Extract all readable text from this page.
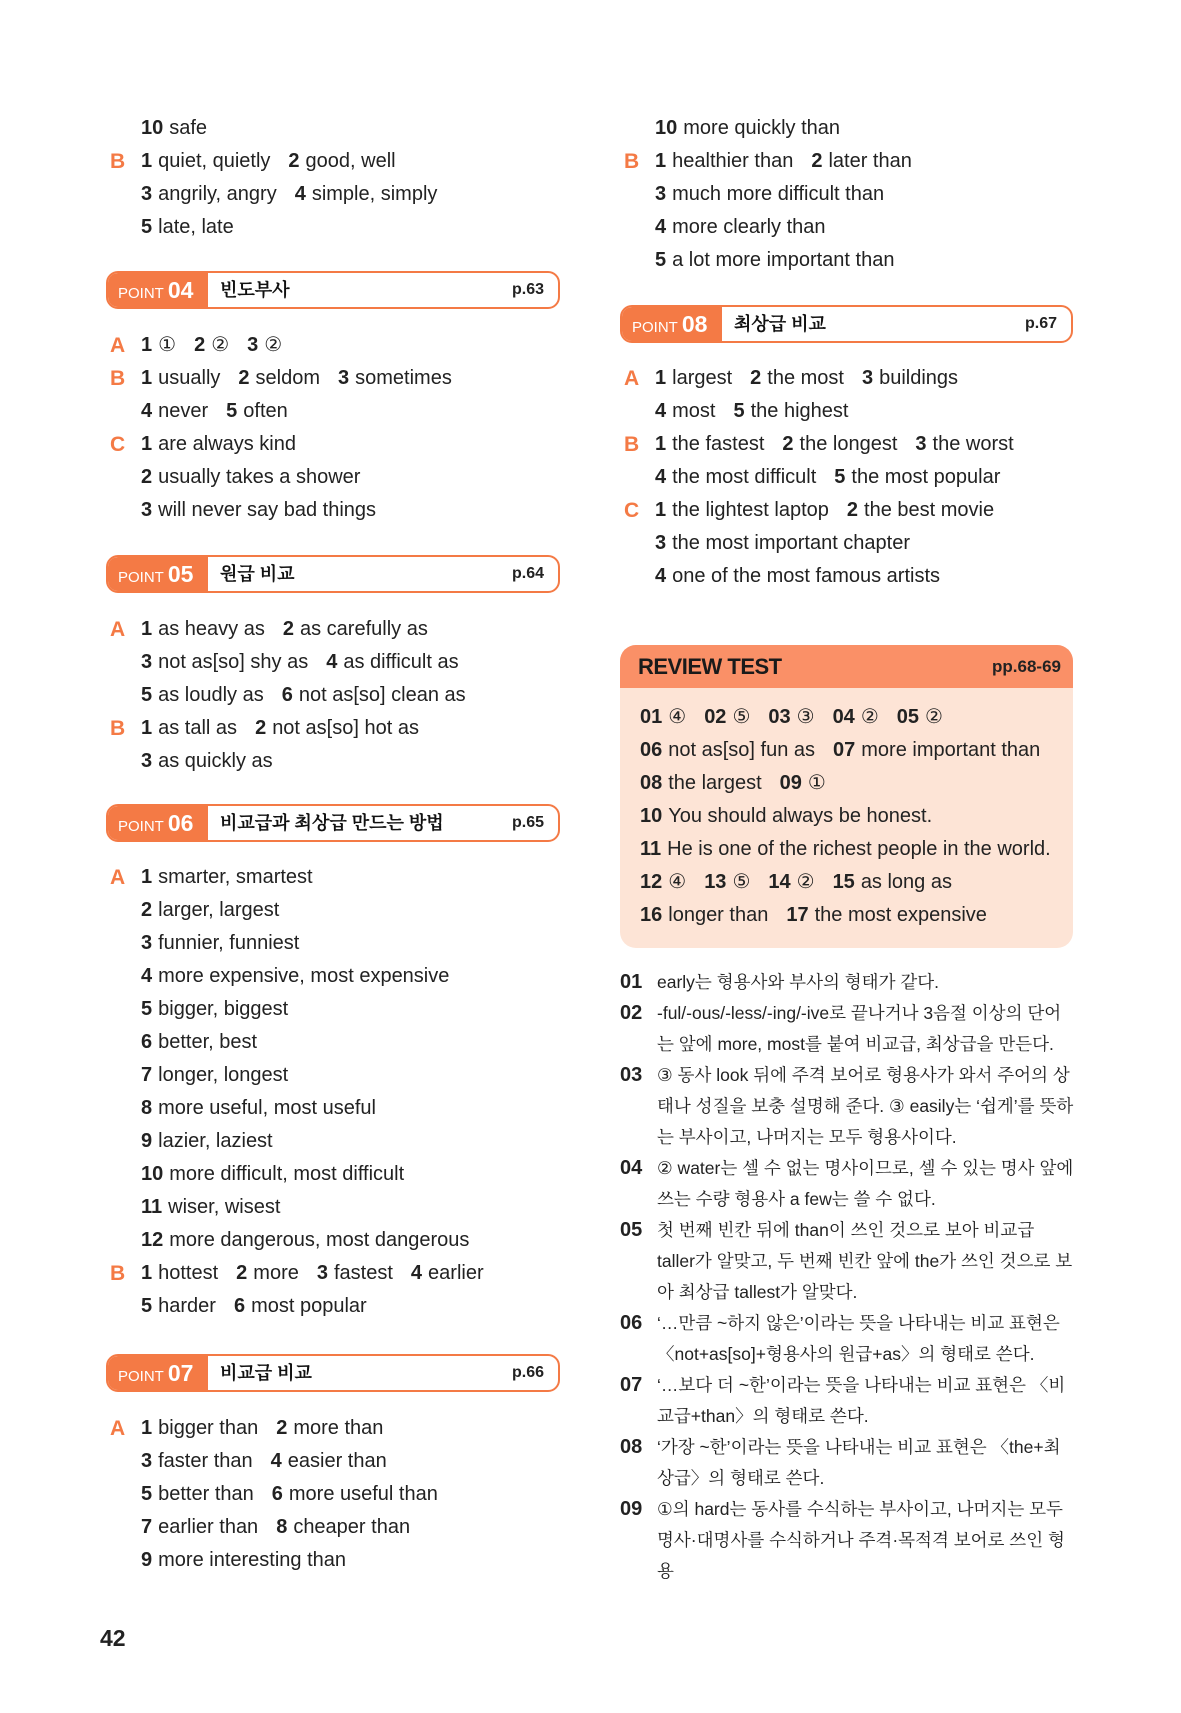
10 safe
B 1 quiet, quietly 2 good, well
3 angrily, angry 4 simple, simply
5 late, late
POINT 04	빈도부사	p.63
A 1 ① 2 ② 3 ②
B 1 usually 2 seldom 3 sometimes
4 never 5 often
C 1 are always kind
2 usually takes a shower
3 will never say bad things
POINT 05	원급 비교	p.64
A 1 as heavy as 2 as carefully as
3 not as[so] shy as 4 as difficult as
5 as loudly as 6 not as[so] clean as
B 1 as tall as 2 not as[so] hot as
3 as quickly as
POINT 06	비교급과 최상급 만드는 방법	p.65
A 1 smarter, smartest
2 larger, largest
3 funnier, funniest
4 more expensive, most expensive
5 bigger, biggest
6 better, best
7 longer, longest
8 more useful, most useful
9 lazier, laziest
10 more difficult, most difficult
11 wiser, wisest
12 more dangerous, most dangerous
B 1 hottest 2 more 3 fastest 4 earlier
5 harder 6 most popular
POINT 07	비교급 비교	p.66
A 1 bigger than 2 more than
3 faster than 4 easier than
5 better than 6 more useful than
7 earlier than 8 cheaper than
9 more interesting than
10 more quickly than
B 1 healthier than 2 later than
3 much more difficult than
4 more clearly than
5 a lot more important than
POINT 08	최상급 비교	p.67
A 1 largest 2 the most 3 buildings
4 most 5 the highest
B 1 the fastest 2 the longest 3 the worst
4 the most difficult 5 the most popular
C 1 the lightest laptop 2 the best movie
3 the most important chapter
4 one of the most famous artists
REVIEW TEST	pp.68-69
01 ④ 02 ⑤ 03 ③ 04 ② 05 ②
06 not as[so] fun as 07 more important than
08 the largest 09 ①
10 You should always be honest.
11 He is one of the richest people in the world.
12 ④ 13 ⑤ 14 ② 15 as long as
16 longer than 17 the most expensive
01 early는 형용사와 부사의 형태가 같다.
02 -ful/-ous/-less/-ing/-ive로 끝나거나 3음절 이상의 단어는 앞에 more, most를 붙여 비교급, 최상급을 만든다.
03 ③ 동사 look 뒤에 주격 보어로 형용사가 와서 주어의 상태나 성질을 보충 설명해 준다. ③ easily는 ‘쉽게’를 뜻하는 부사이고, 나머지는 모두 형용사이다.
04 ② water는 셀 수 없는 명사이므로, 셀 수 있는 명사 앞에 쓰는 수량 형용사 a few는 쓸 수 없다.
05 첫 번째 빈칸 뒤에 than이 쓰인 것으로 보아 비교급 taller가 알맞고, 두 번째 빈칸 앞에 the가 쓰인 것으로 보아 최상급 tallest가 알맞다.
06 ‘…만큼 ~하지 않은’이라는 뜻을 나타내는 비교 표현은 〈not+as[so]+형용사의 원급+as〉의 형태로 쓴다.
07 ‘…보다 더 ~한’이라는 뜻을 나타내는 비교 표현은 〈비교급+than〉의 형태로 쓴다.
08 ‘가장 ~한’이라는 뜻을 나타내는 비교 표현은 〈the+최상급〉의 형태로 쓴다.
09 ①의 hard는 동사를 수식하는 부사이고, 나머지는 모두 명사·대명사를 수식하거나 주격·목적격 보어로 쓰인 형용
42
